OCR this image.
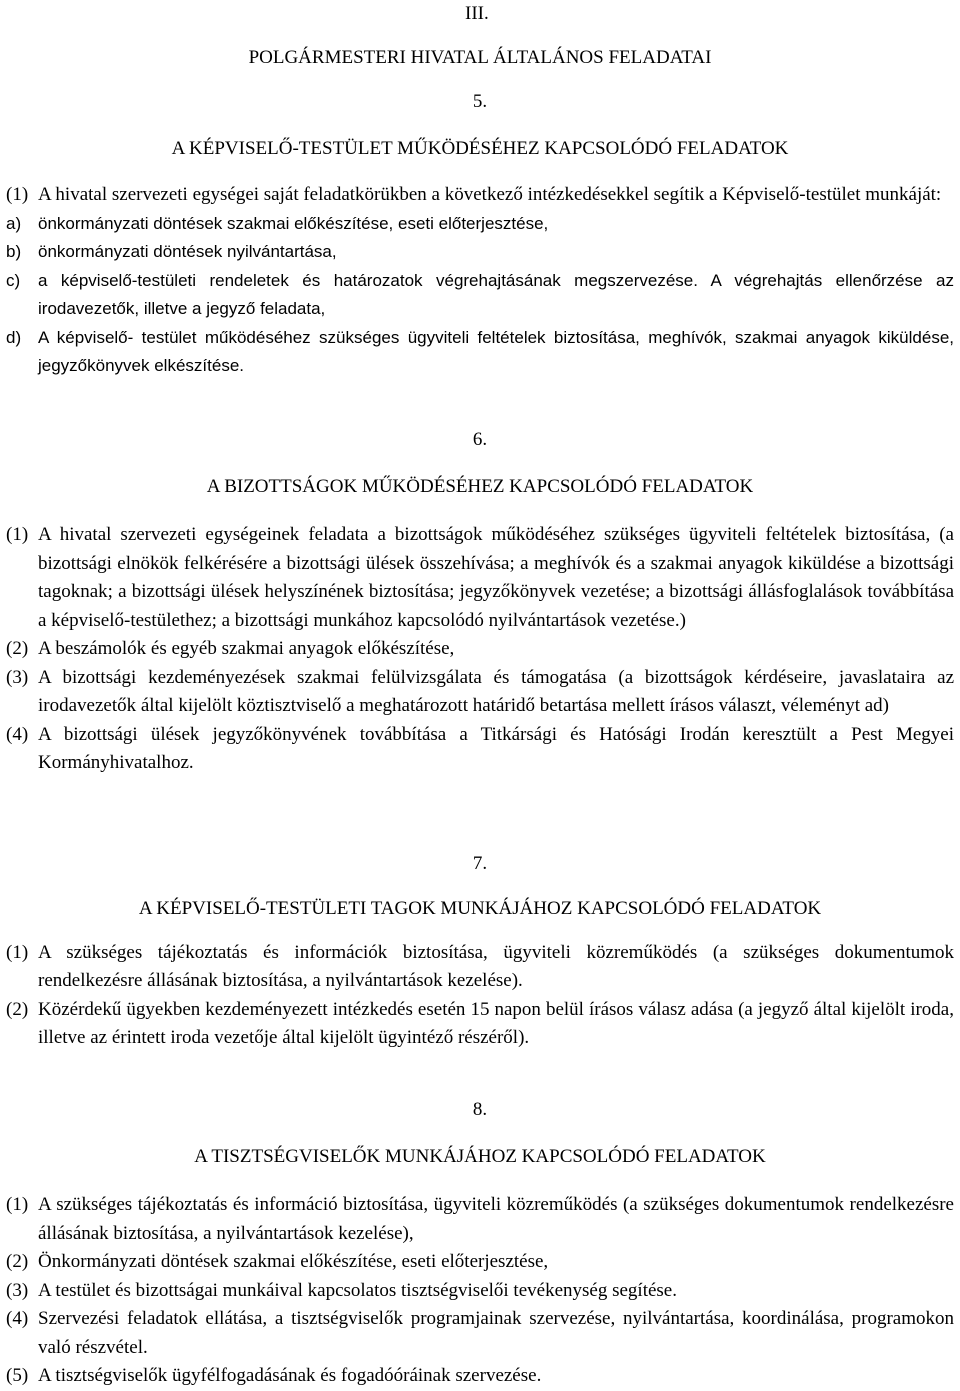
III.
POLGÁRMESTERI HIVATAL ÁLTALÁNOS FELADATAI
5.
A KÉPVISELŐ-TESTÜLET MŰKÖDÉSÉHEZ KAPCSOLÓDÓ FELADATOK
(1) A hivatal szervezeti egységei saját feladatkörükben a következő intézkedésekkel segítik a Képviselő-testület munkáját:
a) önkormányzati döntések szakmai előkészítése, eseti előterjesztése,
b) önkormányzati döntések nyilvántartása,
c)	a képviselő-testületi rendeletek és határozatok végrehajtásának megszervezése. A végrehajtás ellenőrzése az irodavezetők, illetve a jegyző feladata,
d) A képviselő- testület működéséhez szükséges ügyviteli feltételek biztosítása, meghívók, szakmai anyagok kiküldése, jegyzőkönyvek elkészítése.
6.
A BIZOTTSÁGOK MŰKÖDÉSÉHEZ KAPCSOLÓDÓ FELADATOK
(1) A hivatal szervezeti egységeinek feladata a bizottságok működéséhez szükséges ügyviteli feltételek biztosítása, (a bizottsági elnökök felkérésére a bizottsági ülések összehívása; a meghívók és a szakmai anyagok kiküldése a bizottsági tagoknak; a bizottsági ülések helyszínének biztosítása; jegyzőkönyvek vezetése; a bizottsági állásfoglalások továbbítása a képviselő-testülethez; a bizottsági munkához kapcsolódó nyilvántartások vezetése.)
(2) A beszámolók és egyéb szakmai anyagok előkészítése,
(3) A bizottsági kezdeményezések szakmai felülvizsgálata és támogatása (a bizottságok kérdéseire, javaslataira az irodavezetők által kijelölt köztisztviselő a meghatározott határidő betartása mellett írásos választ, véleményt ad)
(4) A bizottsági ülések jegyzőkönyvének továbbítása a Titkársági és Hatósági Irodán keresztült a Pest Megyei Kormányhivatalhoz.
7.
A KÉPVISELŐ-TESTÜLETI TAGOK MUNKÁJÁHOZ KAPCSOLÓDÓ FELADATOK
(1) A szükséges tájékoztatás és információk biztosítása, ügyviteli közreműködés (a szükséges dokumentumok rendelkezésre állásának biztosítása, a nyilvántartások kezelése).
(2) Közérdekű ügyekben kezdeményezett intézkedés esetén 15 napon belül írásos válasz adása (a jegyző által kijelölt iroda, illetve az érintett iroda vezetője által kijelölt ügyintéző részéről).
8.
A TISZTSÉGVISELŐK MUNKÁJÁHOZ KAPCSOLÓDÓ FELADATOK
(1) A szükséges tájékoztatás és információ biztosítása, ügyviteli közreműködés (a szükséges dokumentumok rendelkezésre állásának biztosítása, a nyilvántartások kezelése),
(2) Önkormányzati döntések szakmai előkészítése, eseti előterjesztése,
(3) A testület és bizottságai munkáival kapcsolatos tisztségviselői tevékenység segítése.
(4) Szervezési feladatok ellátása, a tisztségviselők programjainak szervezése, nyilvántartása, koordinálása, programokon való részvétel.
(5) A tisztségviselők ügyfélfogadásának és fogadóóráinak szervezése.
